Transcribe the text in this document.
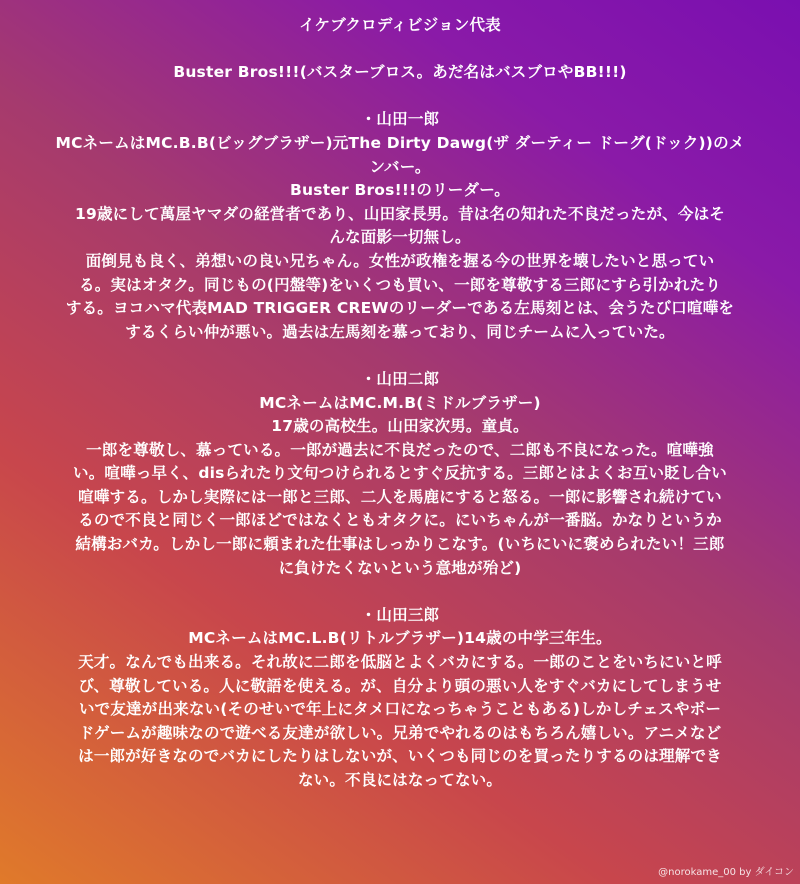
イケブクロディビジョン代表
Buster Bros!!!(バスターブロス。あだ名はバスブロやBB!!!)
・山田一郎
MCネームはMC.B.B(ビッグブラザー)元The Dirty Dawg(ザ ダーティー ドーグ(ドック))のメ
ンバー。
Buster Bros!!!のリーダー。
19歳にして萬屋ヤマダの経営者であり、山田家長男。昔は名の知れた不良だったが、今はそ
んな面影一切無し。
面倒見も良く、弟想いの良い兄ちゃん。女性が政権を握る今の世界を壊したいと思ってい
る。実はオタク。同じもの(円盤等)をいくつも買い、一郎を尊敬する三郎にすら引かれたり
する。ヨコハマ代表MAD TRIGGER CREWのリーダーである左馬刻とは、会うたび口喧嘩を
するくらい仲が悪い。過去は左馬刻を慕っており、同じチームに入っていた。
・山田二郎
MCネームはMC.M.B(ミドルブラザー)
17歳の高校生。山田家次男。童貞。
一郎を尊敬し、慕っている。一郎が過去に不良だったので、二郎も不良になった。喧嘩強
い。喧嘩っ早く、disられたり文句つけられるとすぐ反抗する。三郎とはよくお互い貶し合い
喧嘩する。しかし実際には一郎と三郎、二人を馬鹿にすると怒る。一郎に影響され続けてい
るので不良と同じく一郎ほどではなくともオタクに。にいちゃんが一番脳。かなりというか
結構おバカ。しかし一郎に頼まれた仕事はしっかりこなす。(いちにいに褒められたい！三郎
に負けたくないという意地が殆ど)
・山田三郎
MCネームはMC.L.B(リトルブラザー)14歳の中学三年生。
天才。なんでも出来る。それ故に二郎を低脳とよくバカにする。一郎のことをいちにいと呼
び、尊敬している。人に敬語を使える。が、自分より頭の悪い人をすぐバカにしてしまうせ
いで友達が出来ない(そのせいで年上にタメ口になっちゃうこともある)しかしチェスやボー
ドゲームが趣味なので遊べる友達が欲しい。兄弟でやれるのはもちろん嬉しい。アニメなど
は一郎が好きなのでバカにしたりはしないが、いくつも同じのを買ったりするのは理解でき
ない。不良にはなってない。
@norokame_00 by ダイコン
